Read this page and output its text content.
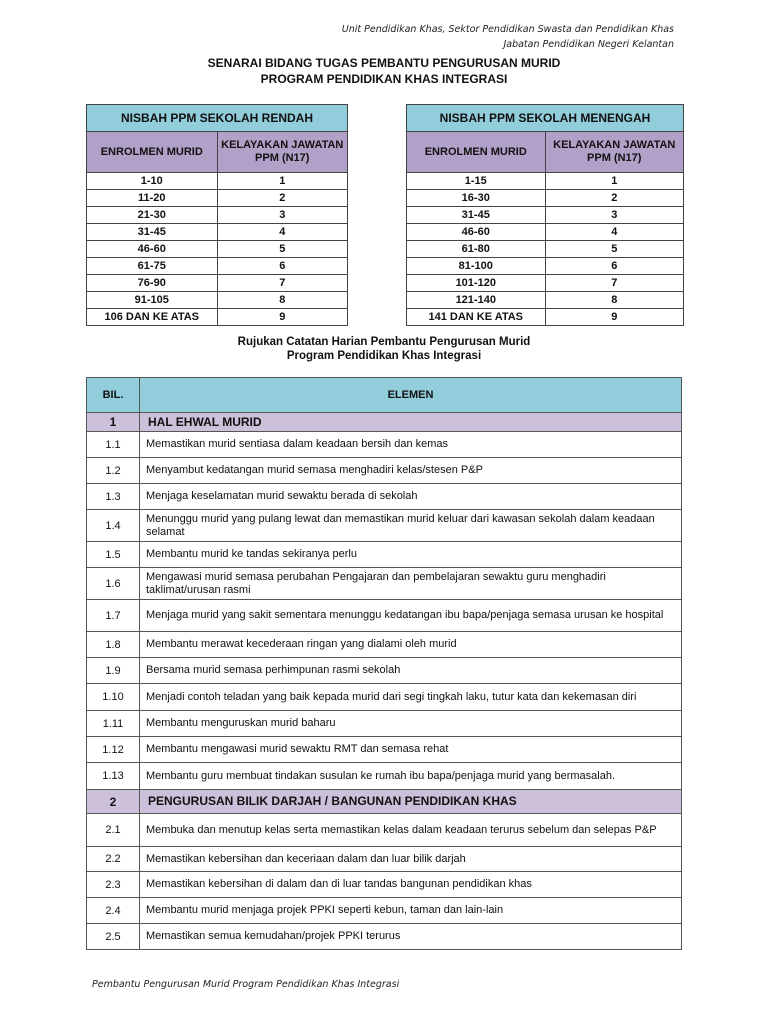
Unit Pendidikan Khas, Sektor Pendidikan Swasta dan Pendidikan Khas
Jabatan Pendidikan Negeri Kelantan
SENARAI BIDANG TUGAS PEMBANTU PENGURUSAN MURID
PROGRAM PENDIDIKAN KHAS INTEGRASI
NISBAH PPM SEKOLAH RENDAH	
ENROLMEN MURID	KELAYAKAN JAWATAN PPM (N17)
1-10	1
11-20	2
21-30	3
31-45	4
46-60	5
61-75	6
76-90	7
91-105	8
106 DAN KE ATAS	9
NISBAH PPM SEKOLAH MENENGAH	
ENROLMEN MURID	KELAYAKAN JAWATAN PPM (N17)
1-15	1
16-30	2
31-45	3
46-60	4
61-80	5
81-100	6
101-120	7
121-140	8
141 DAN KE ATAS	9
Rujukan Catatan Harian Pembantu Pengurusan Murid
Program Pendidikan Khas Integrasi
BIL.	ELEMEN
1	HAL EHWAL MURID
1.1	Memastikan murid sentiasa dalam keadaan bersih dan kemas
1.2	Menyambut kedatangan murid semasa menghadiri kelas/stesen P&P
1.3	Menjaga keselamatan murid sewaktu berada di sekolah
1.4	Menunggu murid yang pulang lewat dan memastikan murid keluar dari kawasan sekolah dalam keadaan selamat
1.5	Membantu murid ke tandas sekiranya perlu
1.6	Mengawasi murid semasa perubahan Pengajaran dan pembelajaran sewaktu guru menghadiri taklimat/urusan rasmi
1.7	Menjaga murid yang sakit sementara menunggu kedatangan ibu bapa/penjaga semasa urusan ke hospital
1.8	Membantu merawat kecederaan ringan yang dialami oleh murid
1.9	Bersama murid semasa perhimpunan rasmi sekolah
1.10	Menjadi contoh teladan yang baik kepada murid dari segi tingkah laku, tutur kata dan kekemasan diri
1.11	Membantu menguruskan murid baharu
1.12	Membantu mengawasi murid sewaktu RMT dan semasa rehat
1.13	Membantu guru membuat tindakan susulan ke rumah ibu bapa/penjaga murid yang bermasalah.
2	PENGURUSAN BILIK DARJAH / BANGUNAN PENDIDIKAN KHAS
2.1	Membuka dan menutup kelas serta memastikan kelas dalam keadaan terurus sebelum dan selepas P&P
2.2	Memastikan kebersihan dan keceriaan dalam dan luar bilik darjah
2.3	Memastikan kebersihan di dalam dan di luar tandas bangunan pendidikan khas
2.4	Membantu murid menjaga projek PPKI seperti kebun, taman dan lain-lain
2.5	Memastikan semua kemudahan/projek PPKI terurus
Pembantu Pengurusan Murid Program Pendidikan Khas Integrasi
